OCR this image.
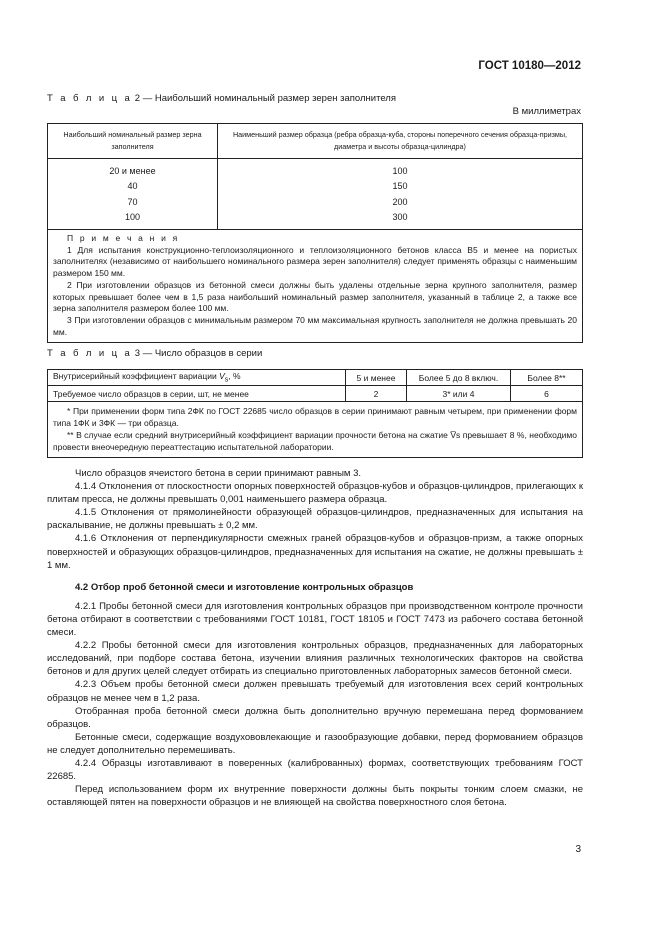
ГОСТ 10180—2012
Т а б л и ц а 2 — Наибольший номинальный размер зерен заполнителя
В миллиметрах
Наибольший номинальный размер зерна заполнителя	Наименьший размер образца (ребра образца-куба, стороны поперечного сечения образца-призмы, диаметра и высоты образца-цилиндра)
20 и менее	100
40	150
70	200
100	300

П р и м е ч а н и я

1 Для испытания конструкционно-теплоизоляционного и теплоизоляционного бетонов класса В5 и менее на пористых заполнителях (независимо от наибольшего номинального размера зерен заполнителя) следует применять образцы с наименьшим размером 150 мм.

2 При изготовлении образцов из бетонной смеси должны быть удалены отдельные зерна крупного заполнителя, размер которых превышает более чем в 1,5 раза наибольший номинальный размер заполнителя, указанный в таблице 2, а также все зерна заполнителя размером более 100 мм.

3 При изготовлении образцов с минимальным размером 70 мм максимальная крупность заполнителя не должна превышать 20 мм.	

Т а б л и ц а 3 — Число образцов в серии
Внутрисерийный коэффициент вариации $V_s$, %	5 и менее	Более 5 до 8 включ.	Более 8**
Требуемое число образцов в серии, шт, не менее	2	3* или 4	6

* При применении форм типа 2ФК по ГОСТ 22685 число образцов в серии принимают равным четырем, при применении форм типа 1ФК и 3ФК — три образца.

** В случае если средний внутрисерийный коэффициент вариации прочности бетона на сжатие V̅s превышает 8 %, необходимо провести внеочередную переаттестацию испытательной лаборатории.			

Число образцов ячеистого бетона в серии принимают равным 3.

4.1.4 Отклонения от плоскостности опорных поверхностей образцов-кубов и образцов-цилиндров, прилегающих к плитам пресса, не должны превышать 0,001 наименьшего размера образца.

4.1.5 Отклонения от прямолинейности образующей образцов-цилиндров, предназначенных для испытания на раскалывание, не должны превышать ± 0,2 мм.

4.1.6 Отклонения от перпендикулярности смежных граней образцов-кубов и образцов-призм, а также опорных поверхностей и образующих образцов-цилиндров, предназначенных для испытания на сжатие, не должны превышать ± 1 мм.

4.2 Отбор проб бетонной смеси и изготовление контрольных образцов

4.2.1 Пробы бетонной смеси для изготовления контрольных образцов при производственном контроле прочности бетона отбирают в соответствии с требованиями ГОСТ 10181, ГОСТ 18105 и ГОСТ 7473 из рабочего состава бетонной смеси.

4.2.2 Пробы бетонной смеси для изготовления контрольных образцов, предназначенных для лабораторных исследований, при подборе состава бетона, изучении влияния различных технологических факторов на свойства бетонов и для других целей следует отбирать из специально приготовленных лабораторных замесов бетонной смеси.

4.2.3 Объем пробы бетонной смеси должен превышать требуемый для изготовления всех серий контрольных образцов не менее чем в 1,2 раза.

Отобранная проба бетонной смеси должна быть дополнительно вручную перемешана перед формованием образцов.

Бетонные смеси, содержащие воздухововлекающие и газообразующие добавки, перед формованием образцов не следует дополнительно перемешивать.

4.2.4 Образцы изготавливают в поверенных (калиброванных) формах, соответствующих требованиям ГОСТ 22685.

Перед использованием форм их внутренние поверхности должны быть покрыты тонким слоем смазки, не оставляющей пятен на поверхности образцов и не влияющей на свойства поверхностного слоя бетона.

3
